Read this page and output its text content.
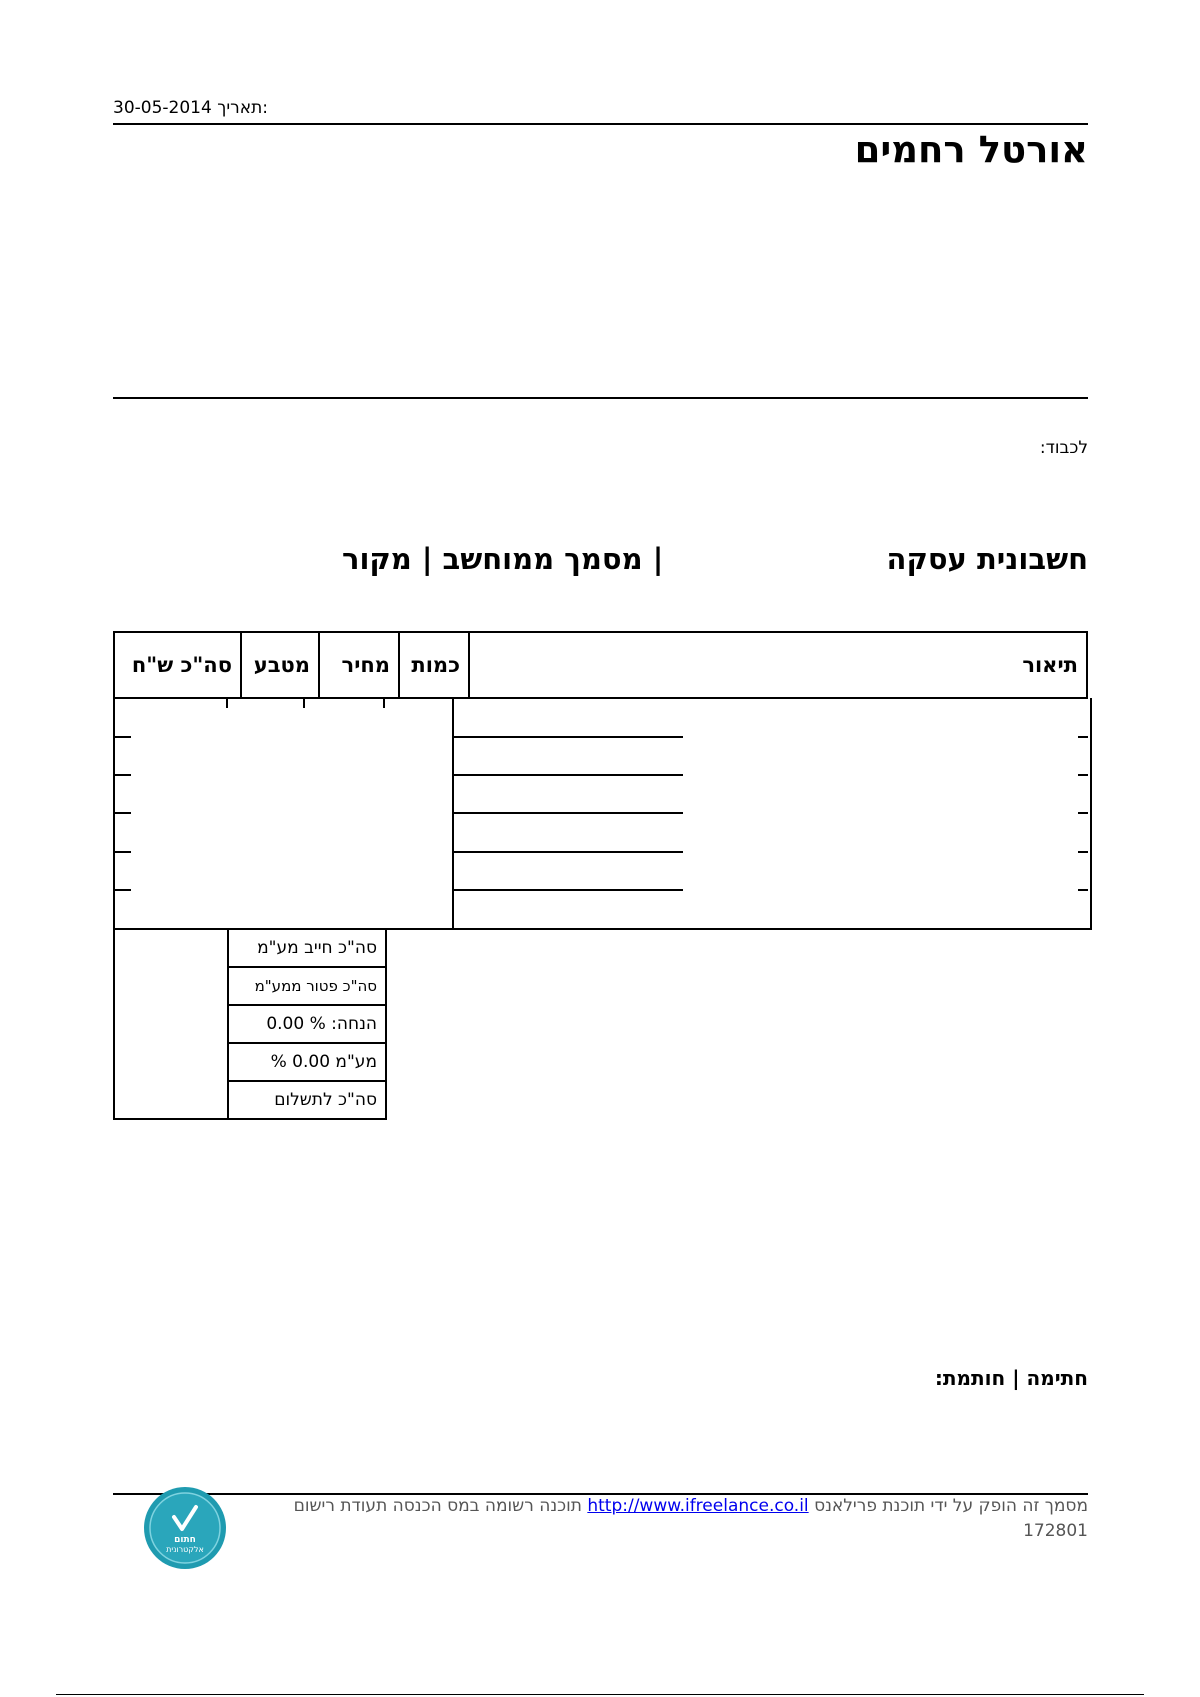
30-05-2014 תאריך:
אורטל רחמים
לכבוד:
חשבונית עסקה
| מסמך ממוחשב | מקור
סה"כ ש"ח	מטבע	מחיר	כמות	תיאור
	סה"כ חייב מע"מ
	סה"כ פטור ממע"מ
	הנחה: % 0.00
	מע"מ 0.00 %
	סה"כ לתשלום
חתימה | חותמת:
מסמך זה הופק על ידי תוכנת פרילאנס http://www.ifreelance.co.il תוכנה רשומה במס הכנסה תעודת רישום 172801
חתום
אלקטרונית
